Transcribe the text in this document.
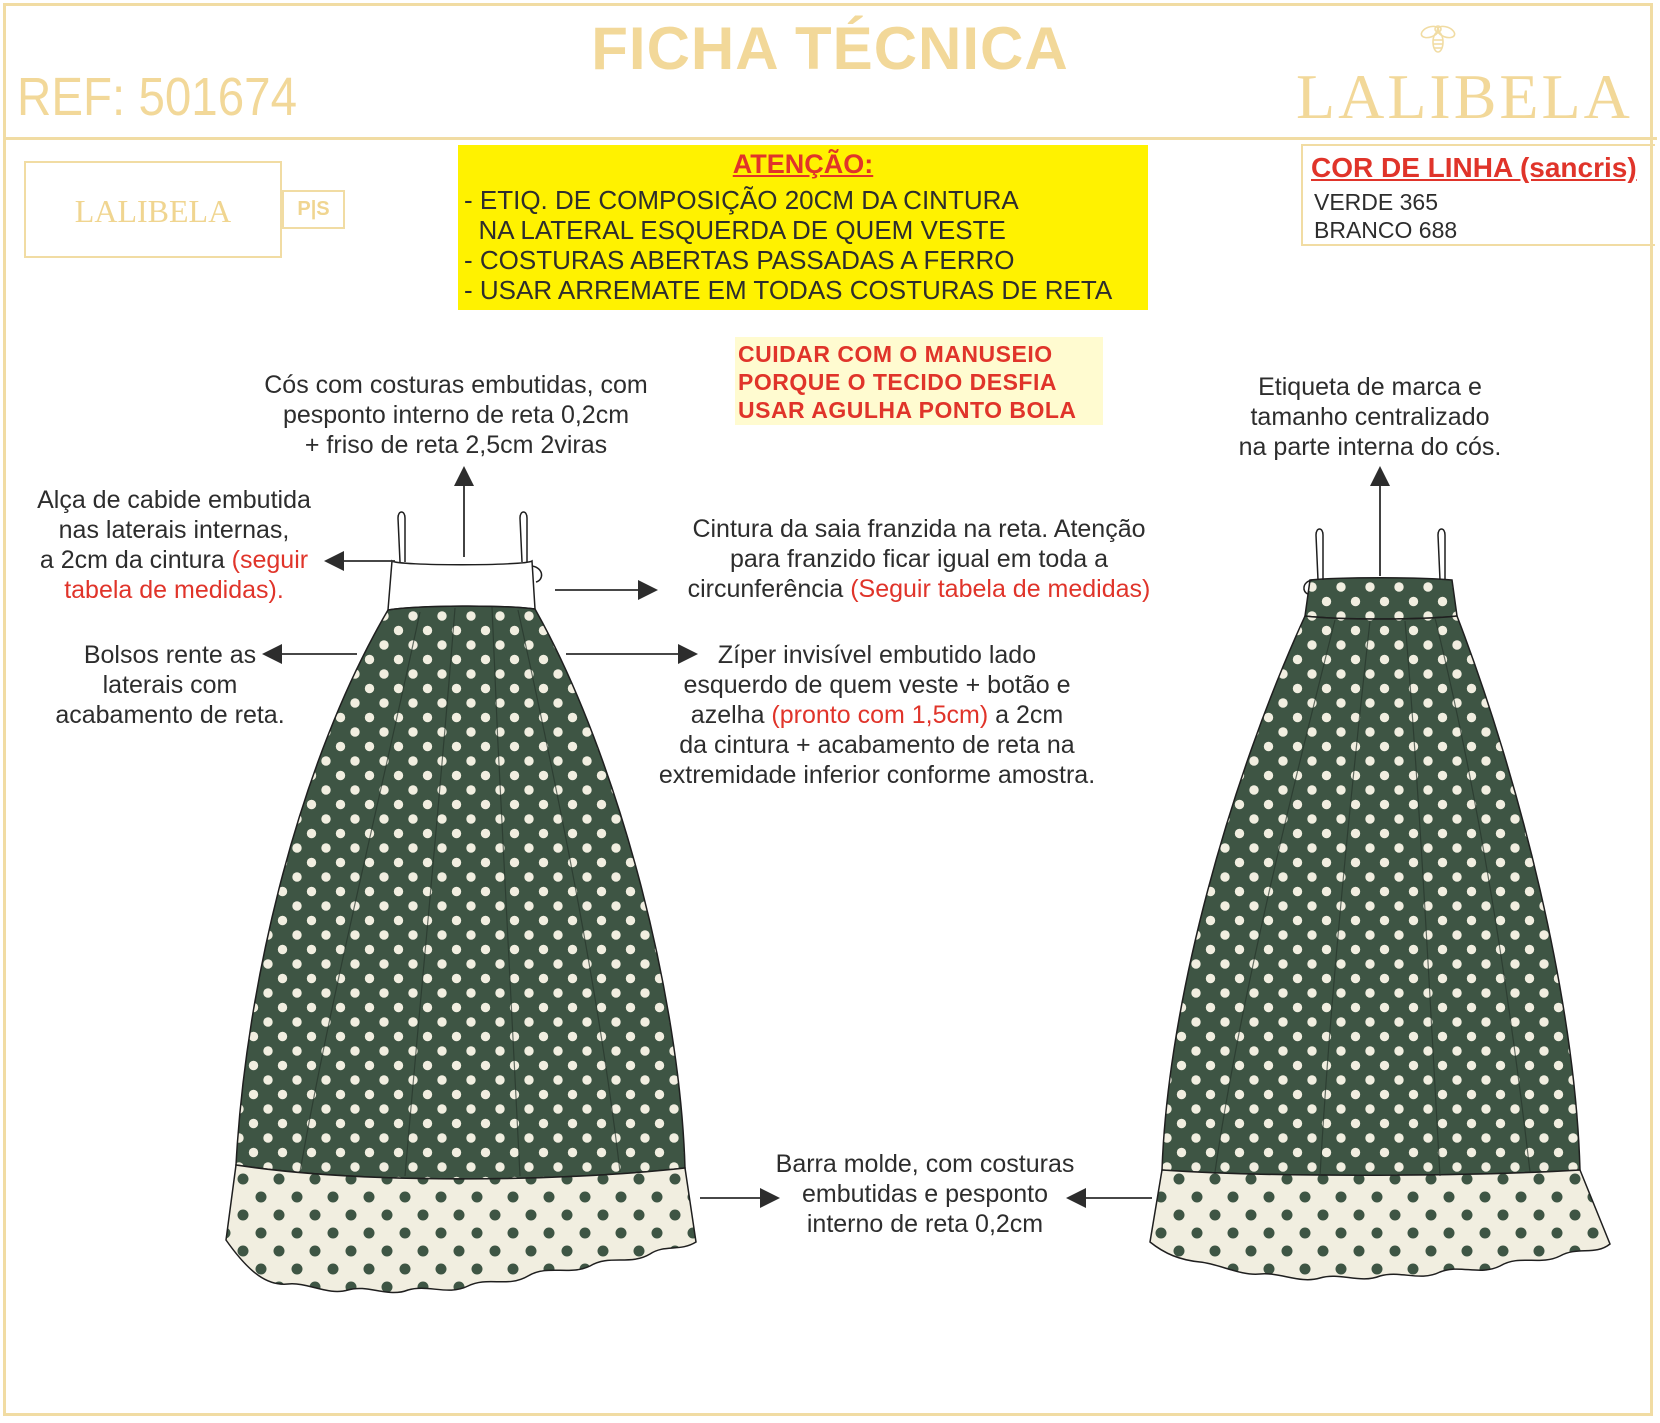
FICHA TÉCNICA
REF: 501674	LALIBELA
LALIBELA	P|S
ATENÇÃO:
- ETIQ. DE COMPOSIÇÃO 20CM DA CINTURA
NA LATERAL ESQUERDA DE QUEM VESTE
- COSTURAS ABERTAS PASSADAS A FERRO
- USAR ARREMATE EM TODAS COSTURAS DE RETA
COR DE LINHA (sancris)
VERDE 365
BRANCO 688
CUIDAR COM O MANUSEIO
PORQUE O TECIDO DESFIA
USAR AGULHA PONTO BOLA
Cós com costuras embutidas, com
pesponto interno de reta 0,2cm
+ friso de reta 2,5cm 2viras
Alça de cabide embutida
nas laterais internas,
a 2cm da cintura (seguir
tabela de medidas).
Cintura da saia franzida na reta. Atenção
para franzido ficar igual em toda a
circunferência (Seguir tabela de medidas)
Bolsos rente as
laterais com
acabamento de reta.
Zíper invisível embutido lado
esquerdo de quem veste + botão e
azelha (pronto com 1,5cm) a 2cm
da cintura + acabamento de reta na
extremidade inferior conforme amostra.
Etiqueta de marca e
tamanho centralizado
na parte interna do cós.
Barra molde, com costuras
embutidas e pesponto
interno de reta 0,2cm
